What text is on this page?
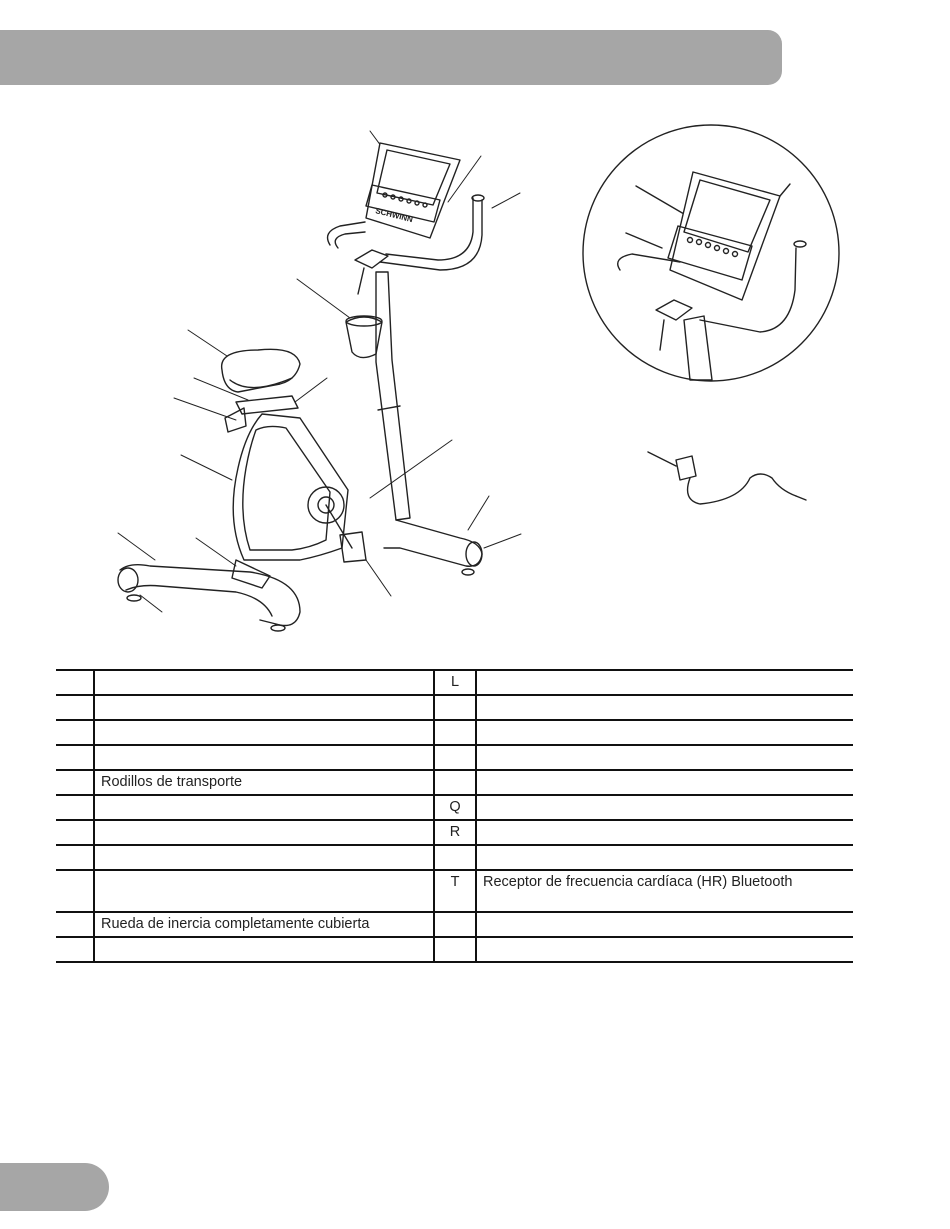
SCHWINN
		L	

	Rodillos de transporte		
		Q	
		R	

		T	Receptor de frecuencia cardíaca (HR) Bluetooth
	Rueda de inercia completamente cubierta		
